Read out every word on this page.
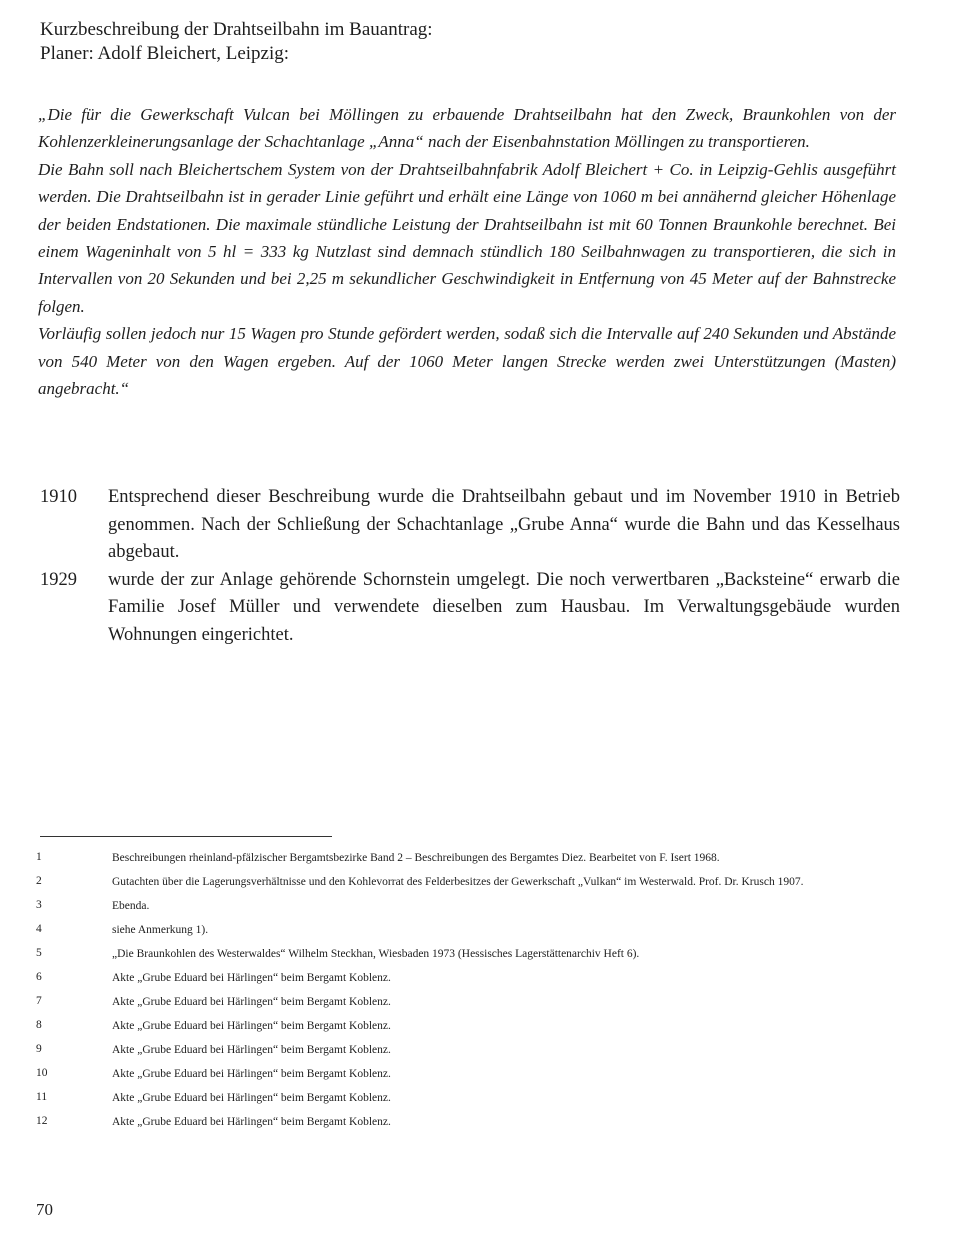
Kurzbeschreibung der Drahtseilbahn im Bauantrag:
Planer: Adolf Bleichert, Leipzig:

„Die für die Gewerkschaft Vulcan bei Möllingen zu erbauende Drahtseilbahn hat den Zweck, Braunkohlen von der Kohlenzerkleinerungsanlage der Schachtanlage „Anna“ nach der Eisenbahnstation Möllingen zu transportieren.

Die Bahn soll nach Bleichertschem System von der Drahtseilbahnfabrik Adolf Bleichert + Co. in Leipzig-Gehlis ausgeführt werden. Die Drahtseilbahn ist in gerader Linie geführt und erhält eine Länge von 1060 m bei annähernd gleicher Höhenlage der beiden Endstationen. Die maximale stündliche Leistung der Drahtseilbahn ist mit 60 Tonnen Braunkohle berechnet. Bei einem Wageninhalt von 5 hl = 333 kg Nutzlast sind demnach stündlich 180 Seilbahnwagen zu transportieren, die sich in Intervallen von 20 Sekunden und bei 2,25 m sekundlicher Geschwindigkeit in Entfernung von 45 Meter auf der Bahnstrecke folgen.

Vorläufig sollen jedoch nur 15 Wagen pro Stunde gefördert werden, sodaß sich die Intervalle auf 240 Sekunden und Abstände von 540 Meter von den Wagen ergeben. Auf der 1060 Meter langen Strecke werden zwei Unterstützungen (Masten) angebracht.“

1910	Entsprechend dieser Beschreibung wurde die Drahtseilbahn gebaut und im November 1910 in Betrieb genommen. Nach der Schließung der Schachtanlage „Grube Anna“ wurde die Bahn und das Kesselhaus abgebaut.
1929	wurde der zur Anlage gehörende Schornstein umgelegt. Die noch verwertbaren „Backsteine“ erwarb die Familie Josef Müller und verwendete dieselben zum Hausbau. Im Verwaltungsgebäude wurden Wohnungen eingerichtet.
1	Beschreibungen rheinland-pfälzischer Bergamtsbezirke Band 2 – Beschreibungen des Bergamtes Diez. Bearbeitet von F. Isert 1968.
2	Gutachten über die Lagerungsverhältnisse und den Kohlevorrat des Felderbesitzes der Gewerkschaft „Vulkan“ im Westerwald. Prof. Dr. Krusch 1907.
3	Ebenda.
4	siehe Anmerkung 1).
5	„Die Braunkohlen des Westerwaldes“ Wilhelm Steckhan, Wiesbaden 1973 (Hessisches Lagerstättenarchiv Heft 6).
6	Akte „Grube Eduard bei Härlingen“ beim Bergamt Koblenz.
7	Akte „Grube Eduard bei Härlingen“ beim Bergamt Koblenz.
8	Akte „Grube Eduard bei Härlingen“ beim Bergamt Koblenz.
9	Akte „Grube Eduard bei Härlingen“ beim Bergamt Koblenz.
10	Akte „Grube Eduard bei Härlingen“ beim Bergamt Koblenz.
11	Akte „Grube Eduard bei Härlingen“ beim Bergamt Koblenz.
12	Akte „Grube Eduard bei Härlingen“ beim Bergamt Koblenz.
70
